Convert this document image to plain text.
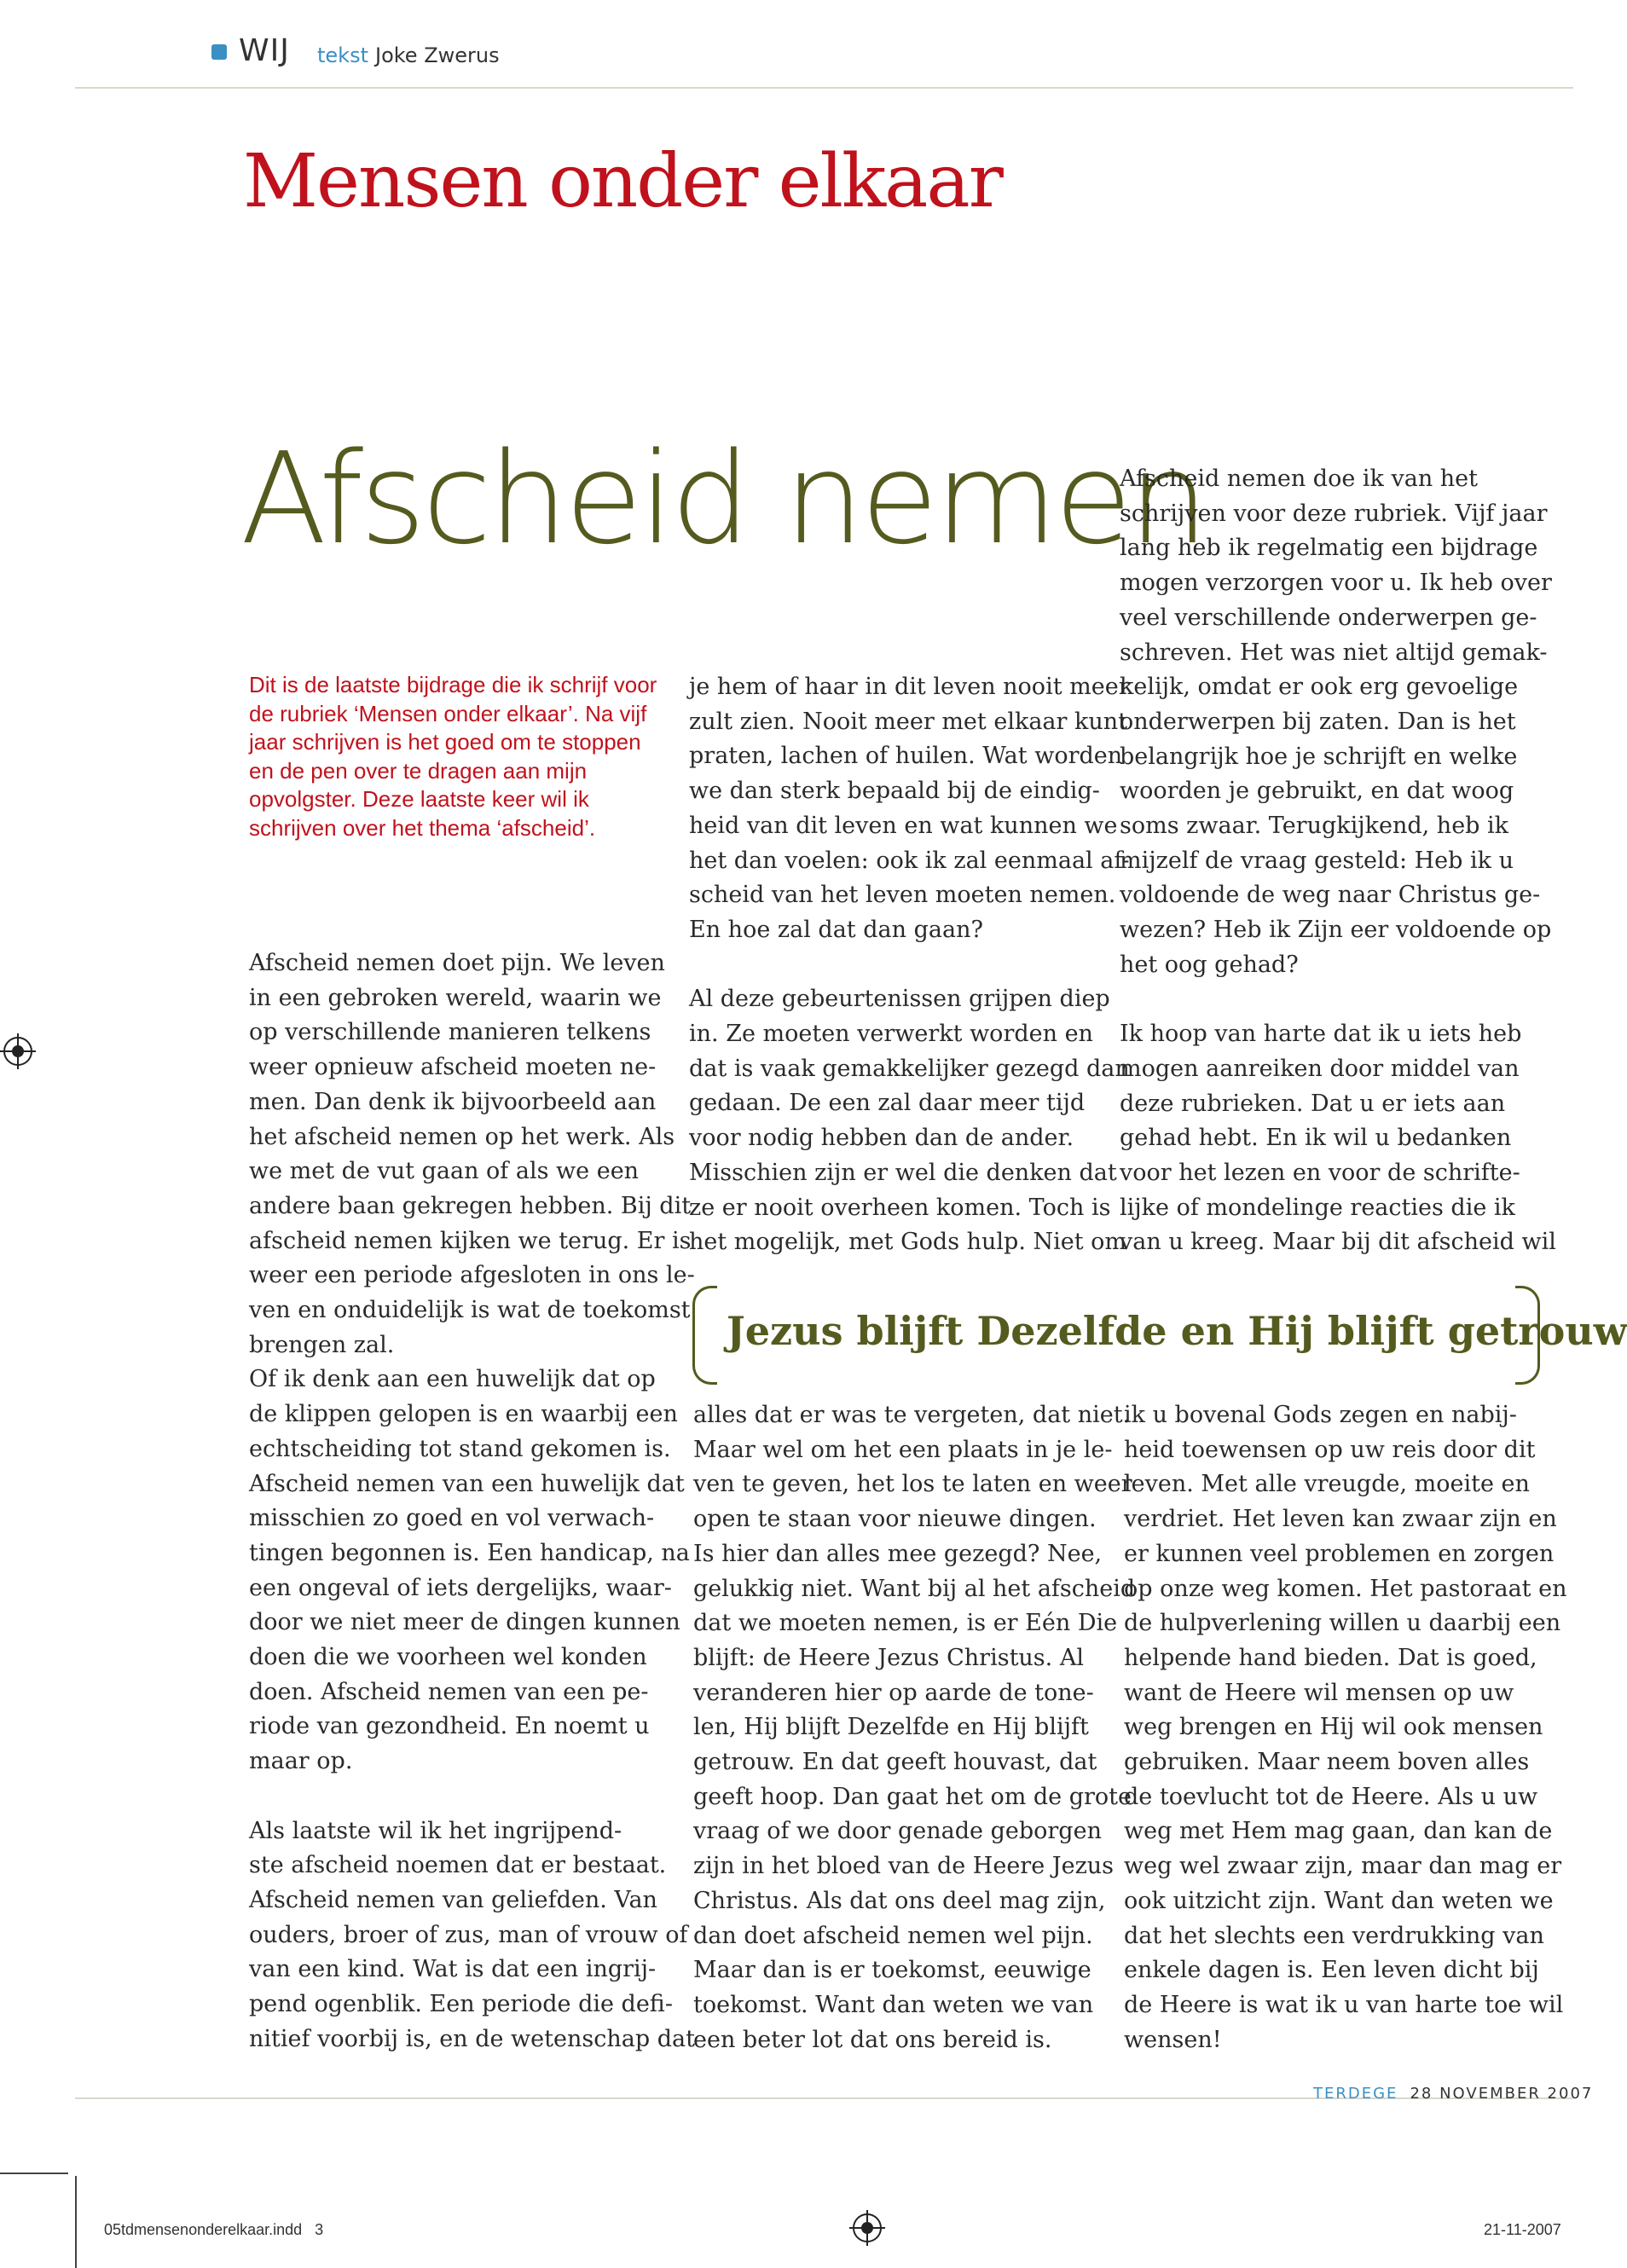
WIJ tekst Joke Zwerus
Mensen onder elkaar
Afscheid nemen
Dit is de laatste bijdrage die ik schrijf voor de rubriek ‘Mensen onder elkaar’. Na vijf jaar schrijven is het goed om te stoppen en de pen over te dragen aan mijn opvolgster. Deze laatste keer wil ik schrijven over het thema ‘afscheid’.

Afscheid nemen doet pijn. We leven

in een gebroken wereld, waarin we

op verschillende manieren telkens

weer opnieuw afscheid moeten ne-

men. Dan denk ik bijvoorbeeld aan

het afscheid nemen op het werk. Als

we met de vut gaan of als we een

andere baan gekregen hebben. Bij dit

afscheid nemen kijken we terug. Er is

weer een periode afgesloten in ons le-

ven en onduidelijk is wat de toekomst

brengen zal.

Of ik denk aan een huwelijk dat op

de klippen gelopen is en waarbij een

echtscheiding tot stand gekomen is.

Afscheid nemen van een huwelijk dat

misschien zo goed en vol verwach-

tingen begonnen is. Een handicap, na

een ongeval of iets dergelijks, waar-

door we niet meer de dingen kunnen

doen die we voorheen wel konden

doen. Afscheid nemen van een pe-

riode van gezondheid. En noemt u

maar op.

Als laatste wil ik het ingrijpend-

ste afscheid noemen dat er bestaat.

Afscheid nemen van geliefden. Van

ouders, broer of zus, man of vrouw of

van een kind. Wat is dat een ingrij-

pend ogenblik. Een periode die defi-

nitief voorbij is, en de wetenschap dat

je hem of haar in dit leven nooit meer

zult zien. Nooit meer met elkaar kunt

praten, lachen of huilen. Wat worden

we dan sterk bepaald bij de eindig-

heid van dit leven en wat kunnen we

het dan voelen: ook ik zal eenmaal af-

scheid van het leven moeten nemen.

En hoe zal dat dan gaan?

Al deze gebeurtenissen grijpen diep

in. Ze moeten verwerkt worden en

dat is vaak gemakkelijker gezegd dan

gedaan. De een zal daar meer tijd

voor nodig hebben dan de ander.

Misschien zijn er wel die denken dat

ze er nooit overheen komen. Toch is

het mogelijk, met Gods hulp. Niet om

Afscheid nemen doe ik van het

schrijven voor deze rubriek. Vijf jaar

lang heb ik regelmatig een bijdrage

mogen verzorgen voor u. Ik heb over

veel verschillende onderwerpen ge-

schreven. Het was niet altijd gemak-

kelijk, omdat er ook erg gevoelige

onderwerpen bij zaten. Dan is het

belangrijk hoe je schrijft en welke

woorden je gebruikt, en dat woog

soms zwaar. Terugkijkend, heb ik

mijzelf de vraag gesteld: Heb ik u

voldoende de weg naar Christus ge-

wezen? Heb ik Zijn eer voldoende op

het oog gehad?

Ik hoop van harte dat ik u iets heb

mogen aanreiken door middel van

deze rubrieken. Dat u er iets aan

gehad hebt. En ik wil u bedanken

voor het lezen en voor de schrifte-

lijke of mondelinge reacties die ik

van u kreeg. Maar bij dit afscheid wil

Jezus blijft Dezelfde en Hij blijft getrouw

alles dat er was te vergeten, dat niet.

Maar wel om het een plaats in je le-

ven te geven, het los te laten en weer

open te staan voor nieuwe dingen.

Is hier dan alles mee gezegd? Nee,

gelukkig niet. Want bij al het afscheid

dat we moeten nemen, is er Eén Die

blijft: de Heere Jezus Christus. Al

veranderen hier op aarde de tone-

len, Hij blijft Dezelfde en Hij blijft

getrouw. En dat geeft houvast, dat

geeft hoop. Dan gaat het om de grote

vraag of we door genade geborgen

zijn in het bloed van de Heere Jezus

Christus. Als dat ons deel mag zijn,

dan doet afscheid nemen wel pijn.

Maar dan is er toekomst, eeuwige

toekomst. Want dan weten we van

een beter lot dat ons bereid is.

ik u bovenal Gods zegen en nabij-

heid toewensen op uw reis door dit

leven. Met alle vreugde, moeite en

verdriet. Het leven kan zwaar zijn en

er kunnen veel problemen en zorgen

op onze weg komen. Het pastoraat en

de hulpverlening willen u daarbij een

helpende hand bieden. Dat is goed,

want de Heere wil mensen op uw

weg brengen en Hij wil ook mensen

gebruiken. Maar neem boven alles

de toevlucht tot de Heere. Als u uw

weg met Hem mag gaan, dan kan de

weg wel zwaar zijn, maar dan mag er

ook uitzicht zijn. Want dan weten we

dat het slechts een verdrukking van

enkele dagen is. Een leven dicht bij

de Heere is wat ik u van harte toe wil

wensen!

TERDEGE 28 NOVEMBER 2007
05tdmensenonderelkaar.indd   3	21-11-2007
